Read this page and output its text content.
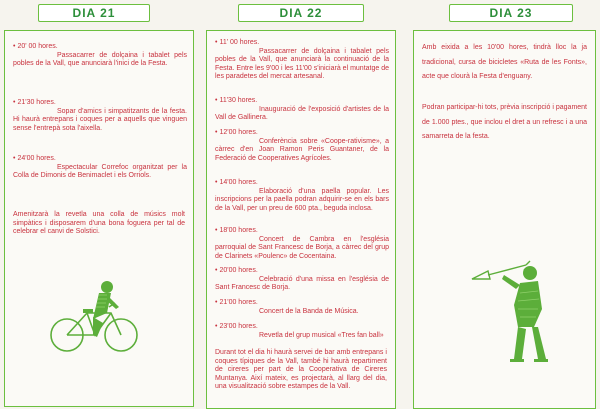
• 20' 00 hores.
Passacarrer de dolçaina i tabalet pels pobles de la Vall, que anunciarà l'inici de la Festa.
• 21'30 hores.
Sopar d'amics i simpatitzants de la festa. Hi haurà entrepans i coques per a aquells que vinguen sense l'entrepà sota l'aixella.
• 24'00 hores.
Espectacular Correfoc organitzat per la Colla de Dimonis de Benimaclet i els Orriols.
Amenitzarà la revetla una colla de músics molt simpàtics i disposarem d'una bona foguera per tal de celebrar el canvi de Solstici.
DIA 21
• 11' 00 hores.
Passacarrer de dolçaina i tabalet pels pobles de la Vall, que anunciarà la continuació de la Festa. Entre les 9'00 i les 11'00 s'iniciarà el muntatge de les paradetes del mercat artesanal.
• 11'30 hores.
Inauguració de l'exposició d'artistes de la Vall de Gallinera.
• 12'00 hores.
Conferència sobre «Coope-rativisme», a càrrec d'en Joan Ramon Peris Guantaner, de la Federació de Cooperatives Agrícoles.
• 14'00 hores.
Elaboració d'una paella popular. Les inscripcions per la paella podran adquirir-se en els bars de la Vall, per un preu de 600 pta., beguda inclosa.
• 18'00 hores.
Concert de Cambra en l'església parroquial de Sant Francesc de Borja, a càrrec del grup de Clarinets «Poulenc» de Cocentaina.
• 20'00 hores.
Celebració d'una missa en l'església de Sant Francesc de Borja.
• 21'00 hores.
Concert de la Banda de Música.
• 23'00 hores.
Revetla del grup musical «Tres fan ball»
Durant tot el dia hi haurà servei de bar amb entrepans i coques típiques de la Vall, també hi haurà repartiment de cireres per part de la Cooperativa de Cireres Muntanya. Així mateix, es projectarà, al llarg del dia, una visualització sobre estampes de la Vall.
DIA 22
Amb eixida a les 10'00 hores, tindrà lloc la ja tradicional, cursa de bicicletes «Ruta de les Fonts», acte que clourà la Festa d'enguany.
Podran participar-hi tots, prèvia inscripció i pagament de 1.000 ptes., que inclou el dret a un refresc i a una samarreta de la festa.
DIA 23
